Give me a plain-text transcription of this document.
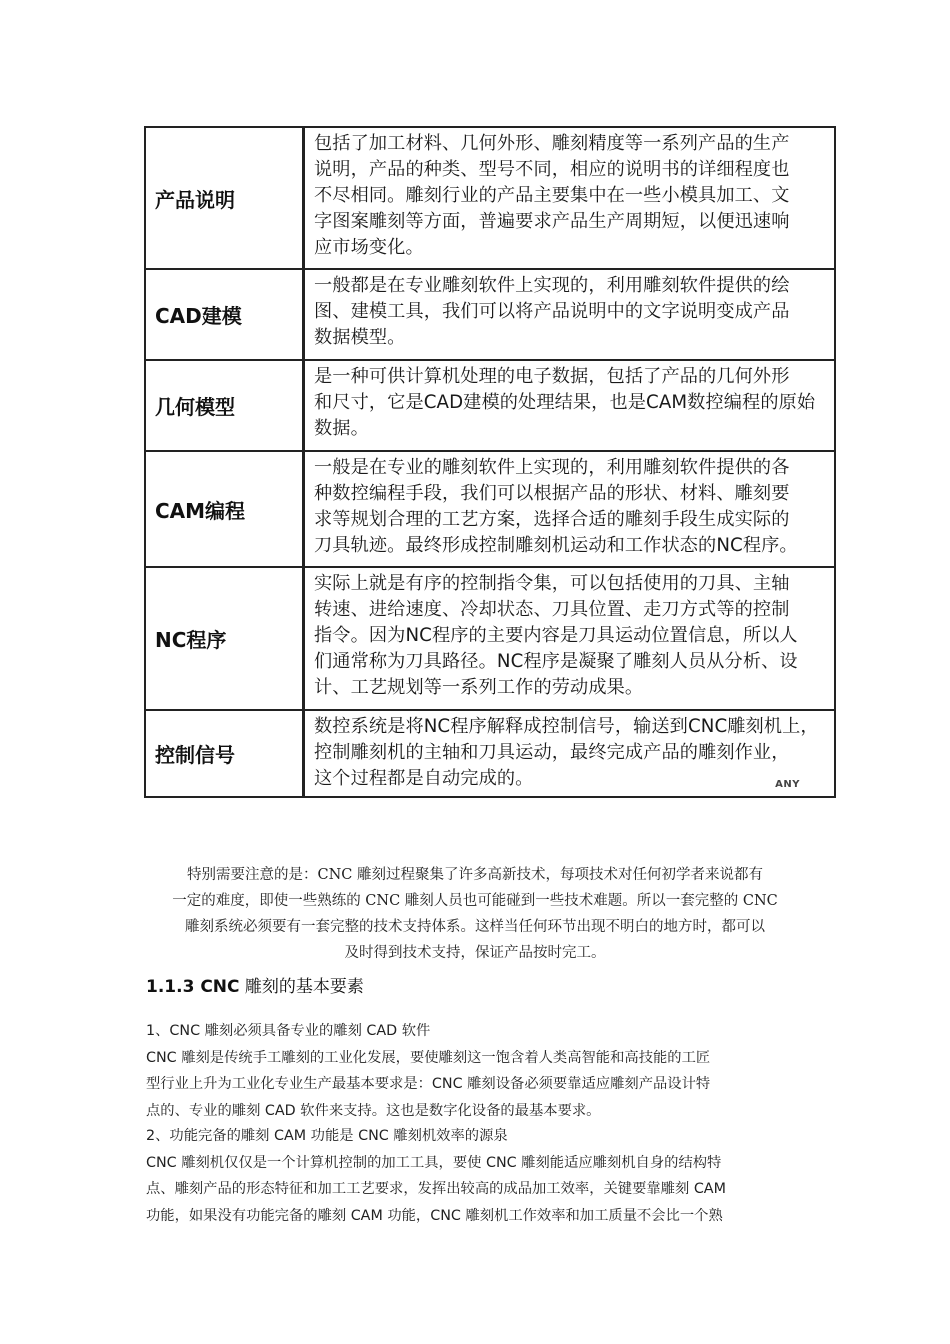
产品说明
包括了加工材料、几何外形、雕刻精度等一系列产品的生产
说明，产品的种类、型号不同，相应的说明书的详细程度也
不尽相同。雕刻行业的产品主要集中在一些小模具加工、文
字图案雕刻等方面，普遍要求产品生产周期短，以便迅速响
应市场变化。
CAD建模
一般都是在专业雕刻软件上实现的，利用雕刻软件提供的绘
图、建模工具，我们可以将产品说明中的文字说明变成产品
数据模型。
几何模型
是一种可供计算机处理的电子数据，包括了产品的几何外形
和尺寸，它是CAD建模的处理结果，也是CAM数控编程的原始
数据。
CAM编程
一般是在专业的雕刻软件上实现的，利用雕刻软件提供的各
种数控编程手段，我们可以根据产品的形状、材料、雕刻要
求等规划合理的工艺方案，选择合适的雕刻手段生成实际的
刀具轨迹。最终形成控制雕刻机运动和工作状态的NC程序。
NC程序
实际上就是有序的控制指令集，可以包括使用的刀具、主轴
转速、进给速度、冷却状态、刀具位置、走刀方式等的控制
指令。因为NC程序的主要内容是刀具运动位置信息，所以人
们通常称为刀具路径。NC程序是凝聚了雕刻人员从分析、设
计、工艺规划等一系列工作的劳动成果。
控制信号
数控系统是将NC程序解释成控制信号，输送到CNC雕刻机上，
控制雕刻机的主轴和刀具运动，最终完成产品的雕刻作业，
这个过程都是自动完成的。	ANY
特别需要注意的是：CNC 雕刻过程聚集了许多高新技术，每项技术对任何初学者来说都有
一定的难度，即使一些熟练的 CNC 雕刻人员也可能碰到一些技术难题。所以一套完整的 CNC
雕刻系统必须要有一套完整的技术支持体系。这样当任何环节出现不明白的地方时，都可以
及时得到技术支持，保证产品按时完工。
1.1.3 CNC 雕刻的基本要素
1、CNC 雕刻必须具备专业的雕刻 CAD 软件
CNC 雕刻是传统手工雕刻的工业化发展，要使雕刻这一饱含着人类高智能和高技能的工匠
型行业上升为工业化专业生产最基本要求是：CNC 雕刻设备必须要靠适应雕刻产品设计特
点的、专业的雕刻 CAD 软件来支持。这也是数字化设备的最基本要求。
2、功能完备的雕刻 CAM 功能是 CNC 雕刻机效率的源泉
CNC 雕刻机仅仅是一个计算机控制的加工工具，要使 CNC 雕刻能适应雕刻机自身的结构特
点、雕刻产品的形态特征和加工工艺要求，发挥出较高的成品加工效率，关键要靠雕刻 CAM
功能，如果没有功能完备的雕刻 CAM 功能，CNC 雕刻机工作效率和加工质量不会比一个熟
